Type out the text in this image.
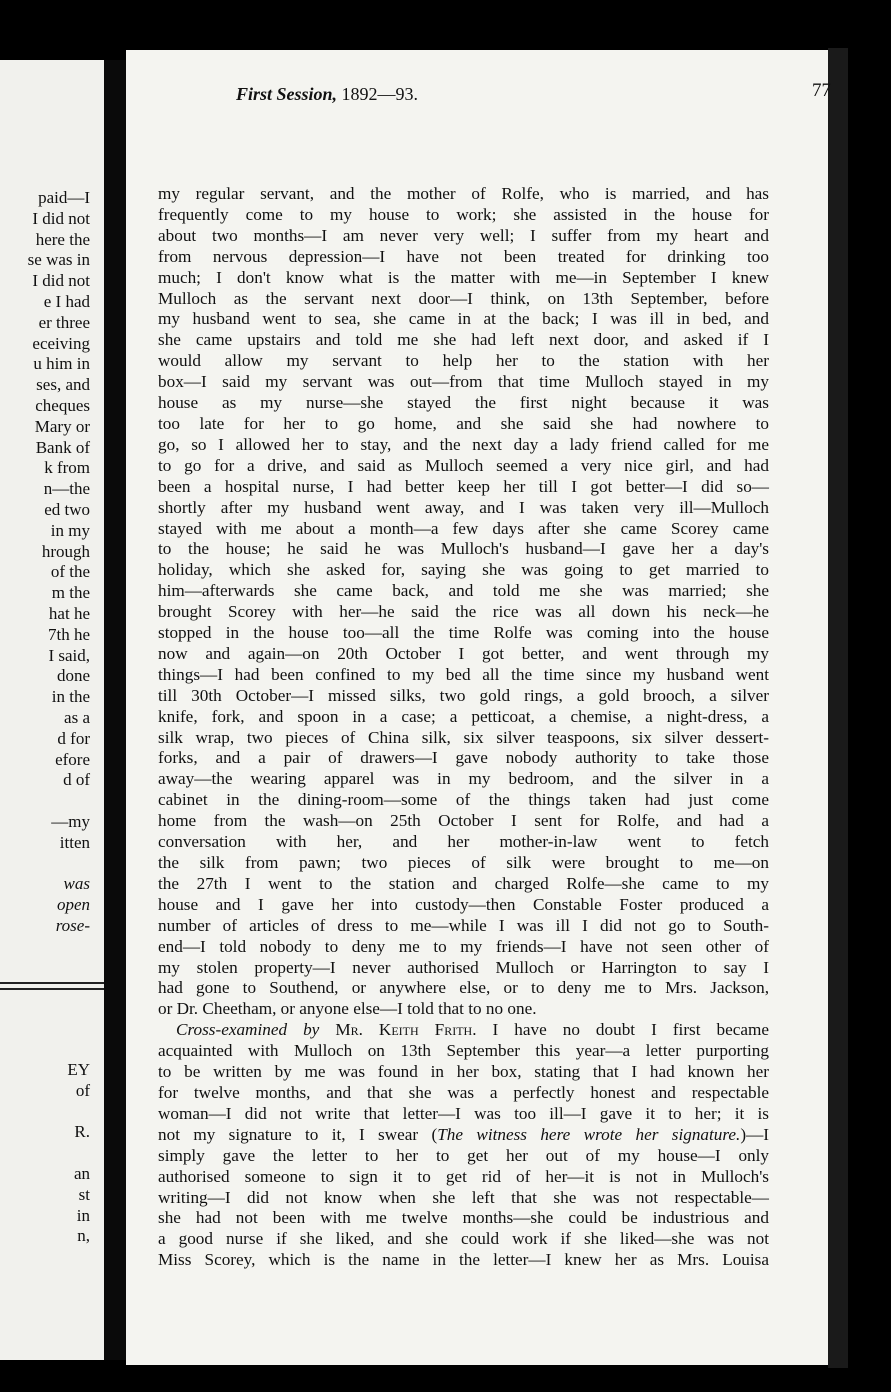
paid—I
I did not
here the
se was in
I did not
e I had
er three
eceiving
u him in
ses, and
cheques
Mary or
Bank of
k from
n—the
ed two
in my
hrough
of the
m the
hat he
7th he
I said,
done
in the
as a
d for
efore
d of

—my
itten

was
open
rose-
EY
of

R.

an
st
in
n,
First Session, 1892—93.	77
my regular servant, and the mother of Rolfe, who is married, and has
frequently come to my house to work; she assisted in the house for
about two months—I am never very well; I suffer from my heart and
from nervous depression—I have not been treated for drinking too
much; I don't know what is the matter with me—in September I knew
Mulloch as the servant next door—I think, on 13th September, before
my husband went to sea, she came in at the back; I was ill in bed, and
she came upstairs and told me she had left next door, and asked if I
would allow my servant to help her to the station with her
box—I said my servant was out—from that time Mulloch stayed in my
house as my nurse—she stayed the first night because it was
too late for her to go home, and she said she had nowhere to
go, so I allowed her to stay, and the next day a lady friend called for me
to go for a drive, and said as Mulloch seemed a very nice girl, and had
been a hospital nurse, I had better keep her till I got better—I did so—
shortly after my husband went away, and I was taken very ill—Mulloch
stayed with me about a month—a few days after she came Scorey came
to the house; he said he was Mulloch's husband—I gave her a day's
holiday, which she asked for, saying she was going to get married to
him—afterwards she came back, and told me she was married; she
brought Scorey with her—he said the rice was all down his neck—he
stopped in the house too—all the time Rolfe was coming into the house
now and again—on 20th October I got better, and went through my
things—I had been confined to my bed all the time since my husband went
till 30th October—I missed silks, two gold rings, a gold brooch, a silver
knife, fork, and spoon in a case; a petticoat, a chemise, a night-dress, a
silk wrap, two pieces of China silk, six silver teaspoons, six silver dessert-
forks, and a pair of drawers—I gave nobody authority to take those
away—the wearing apparel was in my bedroom, and the silver in a
cabinet in the dining-room—some of the things taken had just come
home from the wash—on 25th October I sent for Rolfe, and had a
conversation with her, and her mother-in-law went to fetch
the silk from pawn; two pieces of silk were brought to me—on
the 27th I went to the station and charged Rolfe—she came to my
house and I gave her into custody—then Constable Foster produced a
number of articles of dress to me—while I was ill I did not go to South-
end—I told nobody to deny me to my friends—I have not seen other of
my stolen property—I never authorised Mulloch or Harrington to say I
had gone to Southend, or anywhere else, or to deny me to Mrs. Jackson,
or Dr. Cheetham, or anyone else—I told that to no one.
Cross-examined by Mr. Keith Frith. I have no doubt I first became
acquainted with Mulloch on 13th September this year—a letter purporting
to be written by me was found in her box, stating that I had known her
for twelve months, and that she was a perfectly honest and respectable
woman—I did not write that letter—I was too ill—I gave it to her; it is
not my signature to it, I swear (The witness here wrote her signature.)—I
simply gave the letter to her to get her out of my house—I only
authorised someone to sign it to get rid of her—it is not in Mulloch's
writing—I did not know when she left that she was not respectable—
she had not been with me twelve months—she could be industrious and
a good nurse if she liked, and she could work if she liked—she was not
Miss Scorey, which is the name in the letter—I knew her as Mrs. Louisa
